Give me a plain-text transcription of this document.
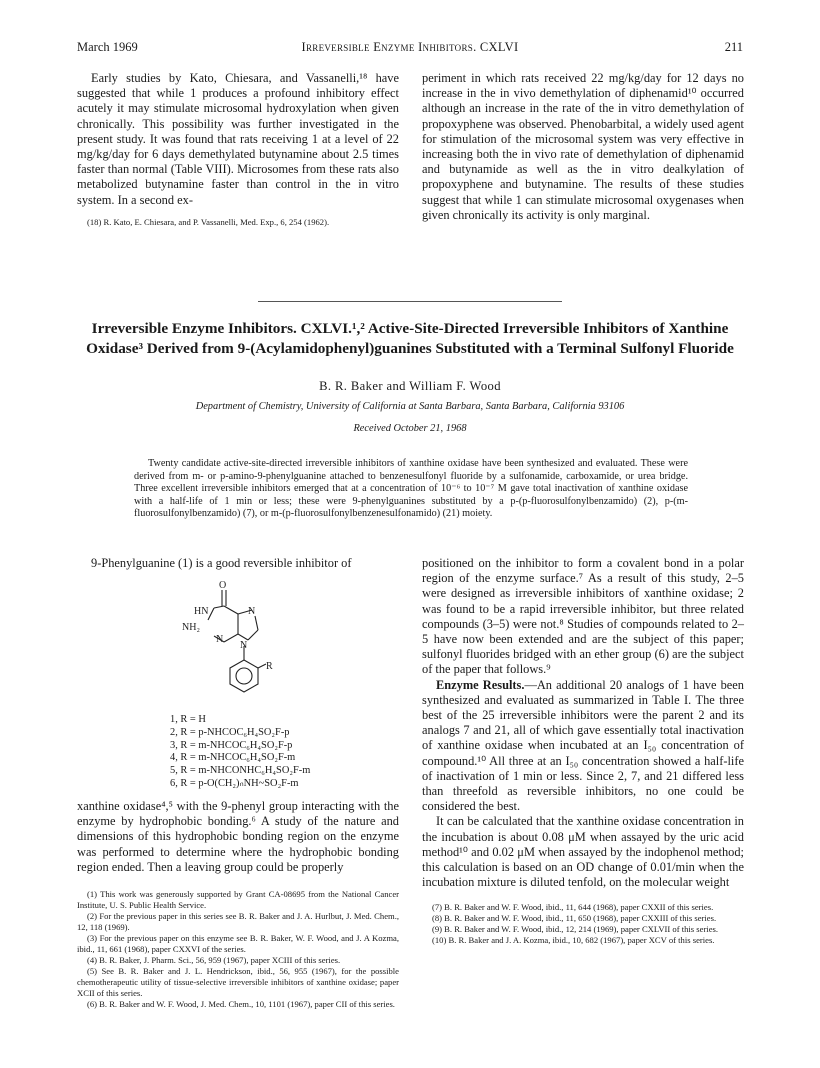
March 1969	Irreversible Enzyme Inhibitors. CXLVI	211

Early studies by Kato, Chiesara, and Vassanelli,¹⁸ have suggested that while 1 produces a profound inhibitory effect acutely it may stimulate microsomal hydroxylation when given chronically. This possibility was further investigated in the present study. It was found that rats receiving 1 at a level of 22 mg/kg/day for 6 days demethylated butynamine about 2.5 times faster than normal (Table VIII). Microsomes from these rats also metabolized butynamine faster than control in the in vitro system. In a second ex-

(18) R. Kato, E. Chiesara, and P. Vassanelli, Med. Exp., 6, 254 (1962).

periment in which rats received 22 mg/kg/day for 12 days no increase in the in vivo demethylation of diphenamid¹⁰ occurred although an increase in the rate of the in vitro demethylation of propoxyphene was observed. Phenobarbital, a widely used agent for stimulation of the microsomal system was very effective in increasing both the in vivo rate of demethylation of diphenamid and butynamide as well as the in vitro dealkylation of propoxyphene and butynamine. The results of these studies suggest that while 1 can stimulate microsomal oxygenases when given chronically its activity is only marginal.

Irreversible Enzyme Inhibitors. CXLVI.¹,² Active-Site-Directed Irreversible Inhibitors of Xanthine Oxidase³ Derived from 9-(Acylamidophenyl)guanines Substituted with a Terminal Sulfonyl Fluoride
B. R. Baker and William F. Wood
Department of Chemistry, University of California at Santa Barbara, Santa Barbara, California 93106
Received October 21, 1968

Twenty candidate active-site-directed irreversible inhibitors of xanthine oxidase have been synthesized and evaluated. These were derived from m- or p-amino-9-phenylguanine attached to benzenesulfonyl fluoride by a sulfonamide, carboxamide, or urea bridge. Three excellent irreversible inhibitors emerged that at a concentration of 10⁻⁶ to 10⁻⁷ M gave total inactivation of xanthine oxidase with a half-life of 1 min or less; these were 9-phenylguanines substituted by a p-(p-fluorosulfonylbenzamido) (2), p-(m-fluorosulfonylbenzamido) (7), or m-(p-fluorosulfonylbenzenesulfonamido) (21) moiety.

9-Phenylguanine (1) is a good reversible inhibitor of

O
HN	N
NH₂
N
N
R
1, R = H
2, R = p-NHCOC₆H₄SO₂F-p
3, R = m-NHCOC₆H₄SO₂F-p
4, R = m-NHCOC₆H₄SO₂F-m
5, R = m-NHCONHC₆H₄SO₂F-m
6, R = p-O(CH₂)ₙNH~SO₂F-m

xanthine oxidase⁴,⁵ with the 9-phenyl group interacting with the enzyme by hydrophobic bonding.⁶ A study of the nature and dimensions of this hydrophobic bonding region on the enzyme was performed to determine where the hydrophobic bonding region ended. Then a leaving group could be properly

(1) This work was generously supported by Grant CA-08695 from the National Cancer Institute, U. S. Public Health Service.

(2) For the previous paper in this series see B. R. Baker and J. A. Hurlbut, J. Med. Chem., 12, 118 (1969).

(3) For the previous paper on this enzyme see B. R. Baker, W. F. Wood, and J. A Kozma, ibid., 11, 661 (1968), paper CXXVI of the series.

(4) B. R. Baker, J. Pharm. Sci., 56, 959 (1967), paper XCIII of this series.

(5) See B. R. Baker and J. L. Hendrickson, ibid., 56, 955 (1967), for the possible chemotherapeutic utility of tissue-selective irreversible inhibitors of xanthine oxidase; paper XCII of this series.

(6) B. R. Baker and W. F. Wood, J. Med. Chem., 10, 1101 (1967), paper CII of this series.

positioned on the inhibitor to form a covalent bond in a polar region of the enzyme surface.⁷ As a result of this study, 2–5 were designed as irreversible inhibitors of xanthine oxidase; 2 was found to be a rapid irreversible inhibitor, but three related compounds (3–5) were not.⁸ Studies of compounds related to 2–5 have now been extended and are the subject of this paper; sulfonyl fluorides bridged with an ether group (6) are the subject of the paper that follows.⁹

Enzyme Results.—An additional 20 analogs of 1 have been synthesized and evaluated as summarized in Table I. The three best of the 25 irreversible inhibitors were the parent 2 and its analogs 7 and 21, all of which gave essentially total inactivation of xanthine oxidase when incubated at an I₅₀ concentration of compound.¹⁰ All three at an I₅₀ concentration showed a half-life of inactivation of 1 min or less. Since 2, 7, and 21 differed less than threefold as reversible inhibitors, no one could be considered the best.

It can be calculated that the xanthine oxidase concentration in the incubation is about 0.08 μM when assayed by the uric acid method¹⁰ and 0.02 μM when assayed by the indophenol method; this calculation is based on an OD change of 0.01/min when the incubation mixture is diluted tenfold, on the molecular weight

(7) B. R. Baker and W. F. Wood, ibid., 11, 644 (1968), paper CXXII of this series.

(8) B. R. Baker and W. F. Wood, ibid., 11, 650 (1968), paper CXXIII of this series.

(9) B. R. Baker and W. F. Wood, ibid., 12, 214 (1969), paper CXLVII of this series.

(10) B. R. Baker and J. A. Kozma, ibid., 10, 682 (1967), paper XCV of this series.
